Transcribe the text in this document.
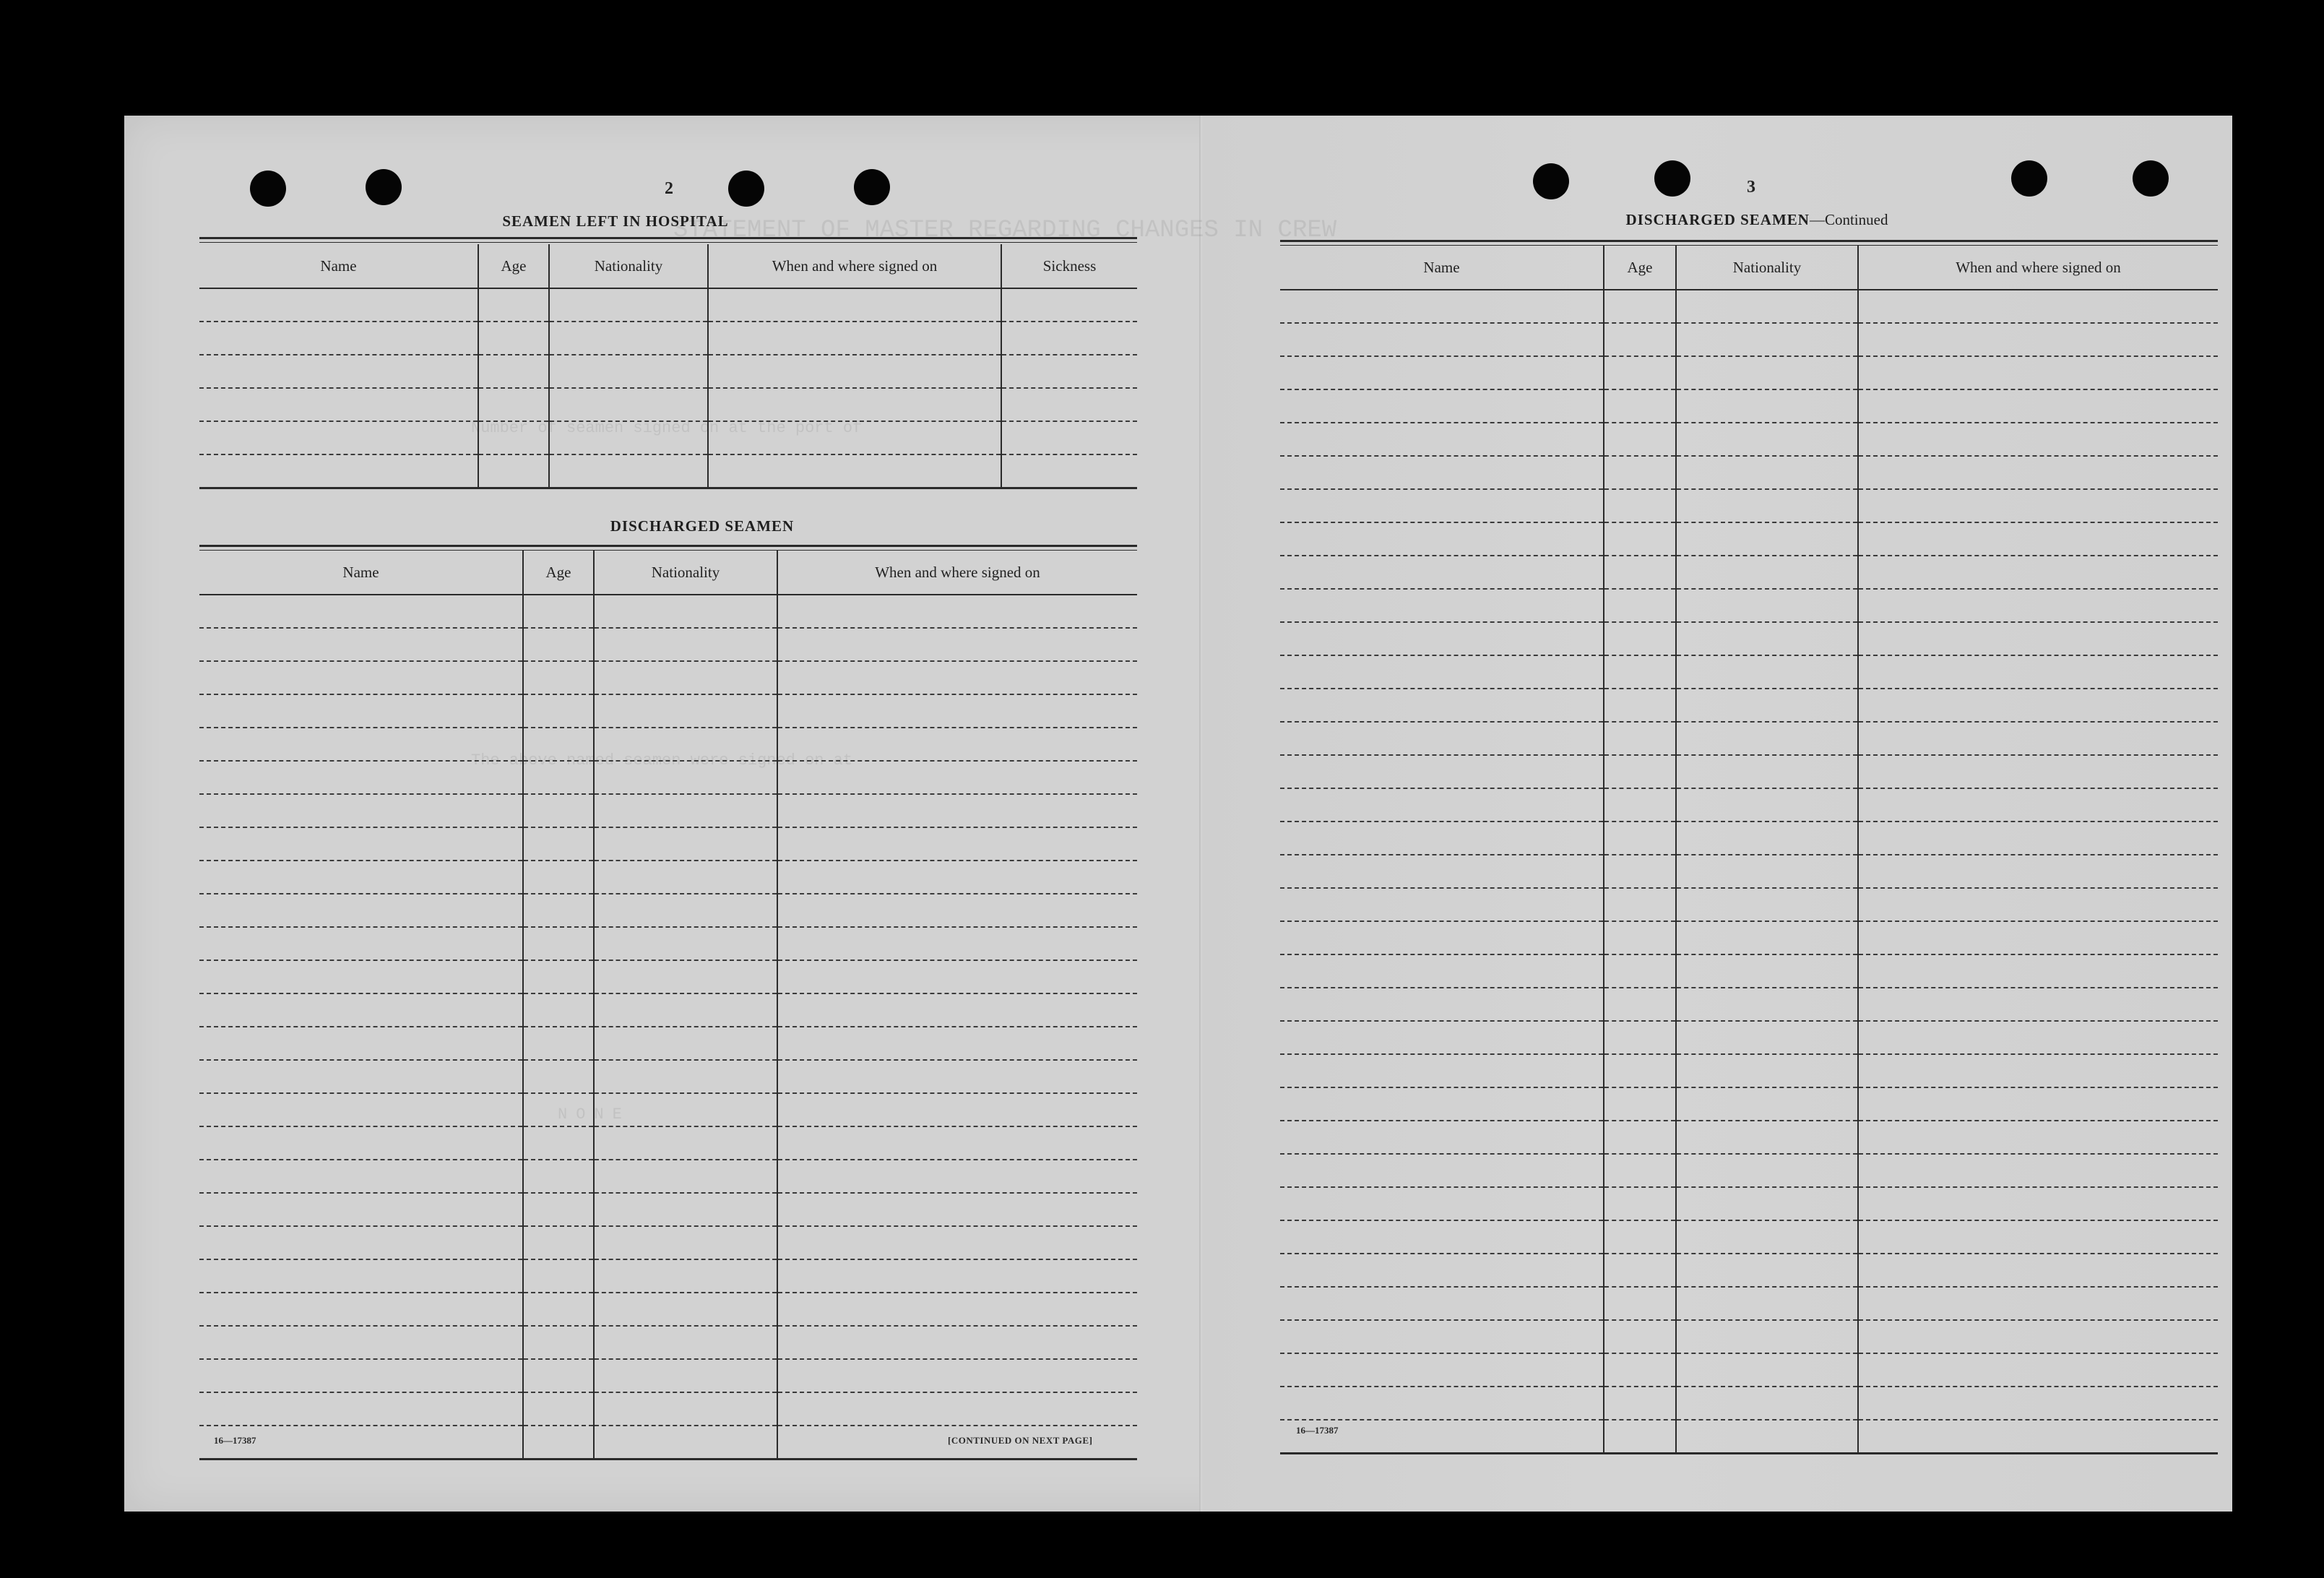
STATEMENT OF MASTER REGARDING CHANGES IN CREW
Number of seamen signed on at the port of
The above named seamen were signed on at
NONE
2
SEAMEN LEFT IN HOSPITAL
Name	Age	Nationality	When and where signed on	Sickness

DISCHARGED SEAMEN
Name	Age	Nationality	When and where signed on

16—17387	[CONTINUED ON NEXT PAGE]
3
DISCHARGED SEAMEN—Continued
Name	Age	Nationality	When and where signed on

16—17387
